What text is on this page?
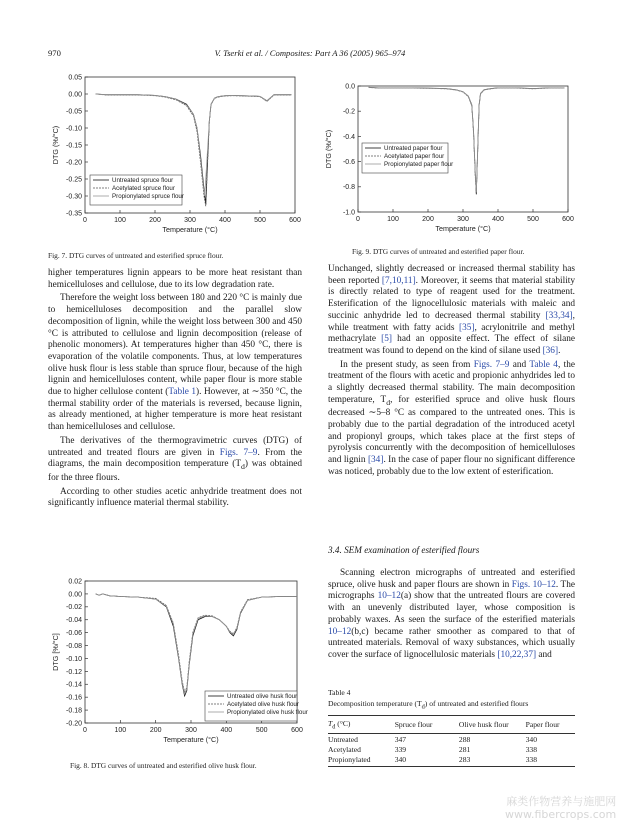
970	V. Tserki et al. / Composites: Part A 36 (2005) 965–974
0	100	200	300	400	500	600
0.05
0.00
-0.05
-0.10
-0.15
-0.20
-0.25
-0.30
-0.35
Temperature (°C)
DTG (%/°C)
Untreated spruce flour
Acetylated spruce flour
Propionylated spruce flour
Fig. 7. DTG curves of untreated and esterified spruce flour.
0	100	200	300	400	500	600
0.0
-0.2
-0.4
-0.6
-0.8
-1.0
Temperature (°C)
DTG (%/°C)	Untreated paper flour
Acetylated paper flour
Propionylated paper flour
Fig. 9. DTG curves of untreated and esterified paper flour.

higher temperatures lignin appears to be more heat resistant than hemicelluloses and cellulose, due to its low degradation rate.

Therefore the weight loss between 180 and 220 °C is mainly due to hemicelluloses decomposition and the parallel slow decomposition of lignin, while the weight loss between 300 and 450 °C is attributed to cellulose and lignin decomposition (release of phenolic monomers). At temperatures higher than 450 °C, there is evaporation of the volatile components. Thus, at low temperatures olive husk flour is less stable than spruce flour, because of the high lignin and hemicelluloses content, while paper flour is more stable due to higher cellulose content (Table 1). However, at ∼350 °C, the thermal stability order of the materials is reversed, because lignin, as already mentioned, at higher temperature is more heat resistant than hemicelluloses and cellulose.

The derivatives of the thermogravimetric curves (DTG) of untreated and treated flours are given in Figs. 7–9. From the diagrams, the main decomposition temperature $(T_d)$ was obtained for the three flours.

According to other studies acetic anhydride treatment does not significantly influence material thermal stability.

0	100	200	300	400	500	600
0.02
0.00
-0.02
-0.04
-0.06
-0.08
-0.10
-0.12
-0.14
-0.16
-0.18
-0.20
Temperature (°C)
DTG [%/°C]
Untreated olive husk flour
Acetylated olive husk flour
Propionylated olive husk flour
Fig. 8. DTG curves of untreated and esterified olive husk flour.

Unchanged, slightly decreased or increased thermal stability has been reported [7,10,11]. Moreover, it seems that material stability is directly related to type of reagent used for the treatment. Esterification of the lignocellulosic materials with maleic and succinic anhydride led to decreased thermal stability [33,34], while treatment with fatty acids [35], acrylonitrile and methyl methacrylate [5] had an opposite effect. The effect of silane treatment was found to depend on the kind of silane used [36].

In the present study, as seen from Figs. 7–9 and Table 4, the treatment of the flours with acetic and propionic anhydrides led to a slightly decreased thermal stability. The main decomposition temperature, $T_d$, for esterified spruce and olive husk flours decreased ∼5–8 °C as compared to the untreated ones. This is probably due to the partial degradation of the introduced acetyl and propionyl groups, which takes place at the first steps of pyrolysis concurrently with the decomposition of hemicelluloses and lignin [34]. In the case of paper flour no significant difference was noticed, probably due to the low extent of esterification.

3.4. SEM examination of esterified flours

Scanning electron micrographs of untreated and esterified spruce, olive husk and paper flours are shown in Figs. 10–12. The micrographs 10–12(a) show that the untreated flours are covered with an unevenly distributed layer, whose composition is probably waxes. As seen the surface of the esterified materials 10–12(b,c) became rather smoother as compared to that of untreated materials. Removal of waxy substances, which usually cover the surface of lignocellulosic materials [10,22,37] and

Table 4

Decomposition temperature $(T_d)$ of untreated and esterified flours

$T_d$ (°C)	Spruce flour	Olive husk flour	Paper flour
Untreated	347	288	340
Acetylated	339	281	338
Propionylated	340	283	338
麻类作物营养与施肥网
www.fibercrops.com
